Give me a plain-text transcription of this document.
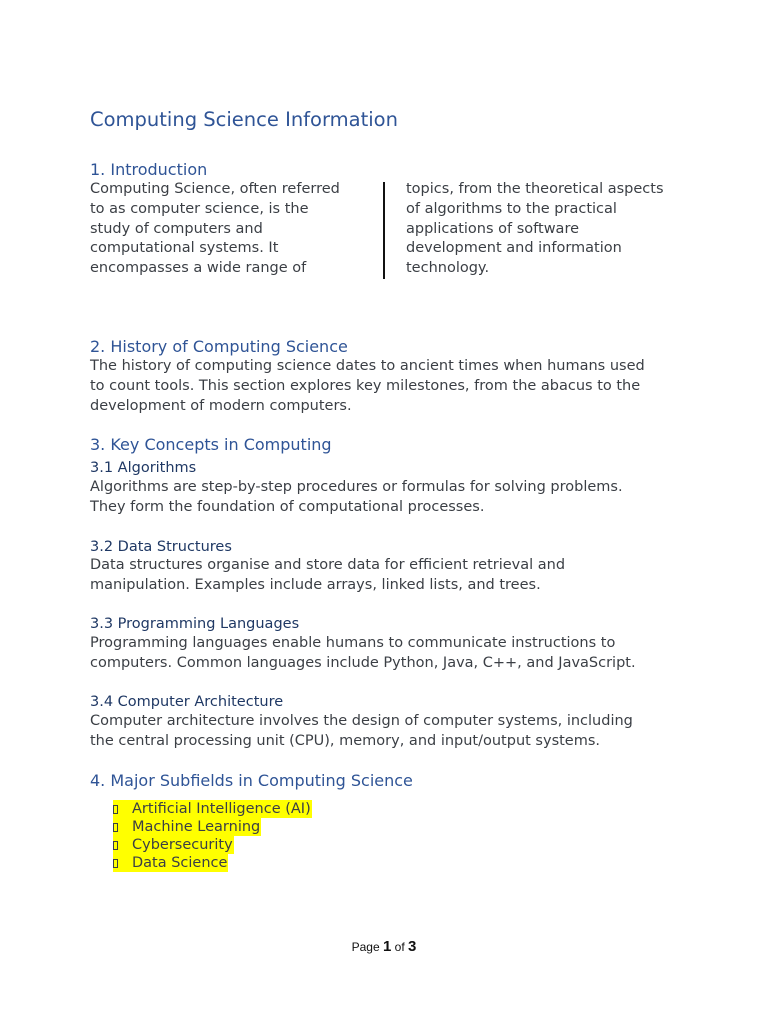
Computing Science Information
1. Introduction
Computing Science, often referred
to as computer science, is the
study of computers and
computational systems. It
encompasses a wide range of
topics, from the theoretical aspects
of algorithms to the practical
applications of software
development and information
technology.
2. History of Computing Science
The history of computing science dates to ancient times when humans used
to count tools. This section explores key milestones, from the abacus to the
development of modern computers.
3. Key Concepts in Computing
3.1 Algorithms
Algorithms are step-by-step procedures or formulas for solving problems.
They form the foundation of computational processes.
3.2 Data Structures
Data structures organise and store data for efficient retrieval and
manipulation. Examples include arrays, linked lists, and trees.
3.3 Programming Languages
Programming languages enable humans to communicate instructions to
computers. Common languages include Python, Java, C++, and JavaScript.
3.4 Computer Architecture
Computer architecture involves the design of computer systems, including
the central processing unit (CPU), memory, and input/output systems.
4. Major Subfields in Computing Science
Artificial Intelligence (AI)
Machine Learning
Cybersecurity
Data Science
Page 1 of 3
